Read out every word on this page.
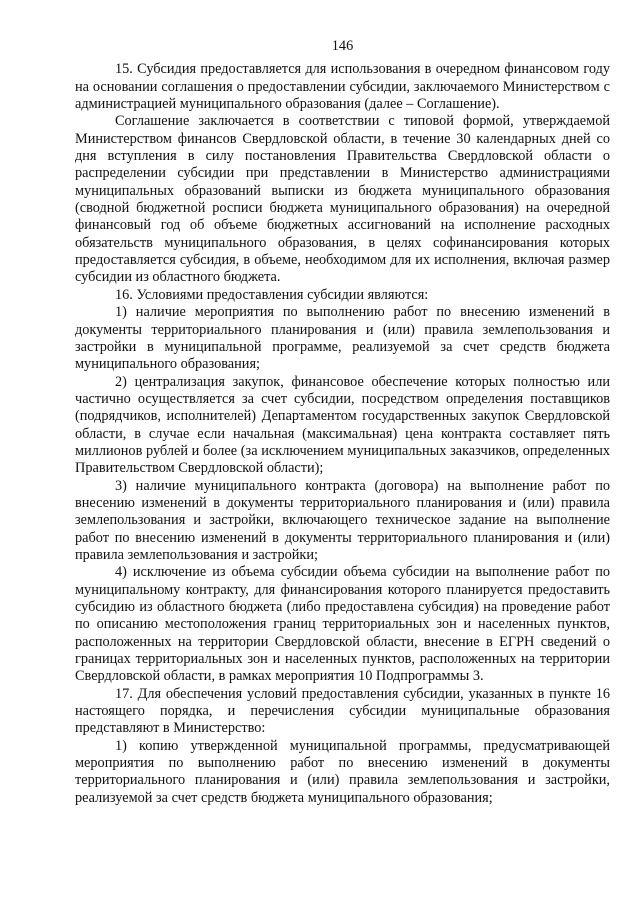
146

15. Субсидия предоставляется для использования в очередном финансовом году на основании соглашения о предоставлении субсидии, заключаемого Министерством с администрацией муниципального образования (далее – Соглашение).

Соглашение заключается в соответствии с типовой формой, утверждаемой Министерством финансов Свердловской области, в течение 30 календарных дней со дня вступления в силу постановления Правительства Свердловской области о распределении субсидии при представлении в Министерство администрациями муниципальных образований выписки из бюджета муниципального образования (сводной бюджетной росписи бюджета муниципального образования) на очередной финансовый год об объеме бюджетных ассигнований на исполнение расходных обязательств муниципального образования, в целях софинансирования которых предоставляется субсидия, в объеме, необходимом для их исполнения, включая размер субсидии из областного бюджета.

16. Условиями предоставления субсидии являются:

1) наличие мероприятия по выполнению работ по внесению изменений в документы территориального планирования и (или) правила землепользования и застройки в муниципальной программе, реализуемой за счет средств бюджета муниципального образования;

2) централизация закупок, финансовое обеспечение которых полностью или частично осуществляется за счет субсидии, посредством определения поставщиков (подрядчиков, исполнителей) Департаментом государственных закупок Свердловской области, в случае если начальная (максимальная) цена контракта составляет пять миллионов рублей и более (за исключением муниципальных заказчиков, определенных Правительством Свердловской области);

3) наличие муниципального контракта (договора) на выполнение работ по внесению изменений в документы территориального планирования и (или) правила землепользования и застройки, включающего техническое задание на выполнение работ по внесению изменений в документы территориального планирования и (или) правила землепользования и застройки;

4) исключение из объема субсидии объема субсидии на выполнение работ по муниципальному контракту, для финансирования которого планируется предоставить субсидию из областного бюджета (либо предоставлена субсидия) на проведение работ по описанию местоположения границ территориальных зон и населенных пунктов, расположенных на территории Свердловской области, внесение в ЕГРН сведений о границах территориальных зон и населенных пунктов, расположенных на территории Свердловской области, в рамках мероприятия 10 Подпрограммы 3.

17. Для обеспечения условий предоставления субсидии, указанных в пункте 16 настоящего порядка, и перечисления субсидии муниципальные образования представляют в Министерство:

1) копию утвержденной муниципальной программы, предусматривающей мероприятия по выполнению работ по внесению изменений в документы территориального планирования и (или) правила землепользования и застройки, реализуемой за счет средств бюджета муниципального образования;
